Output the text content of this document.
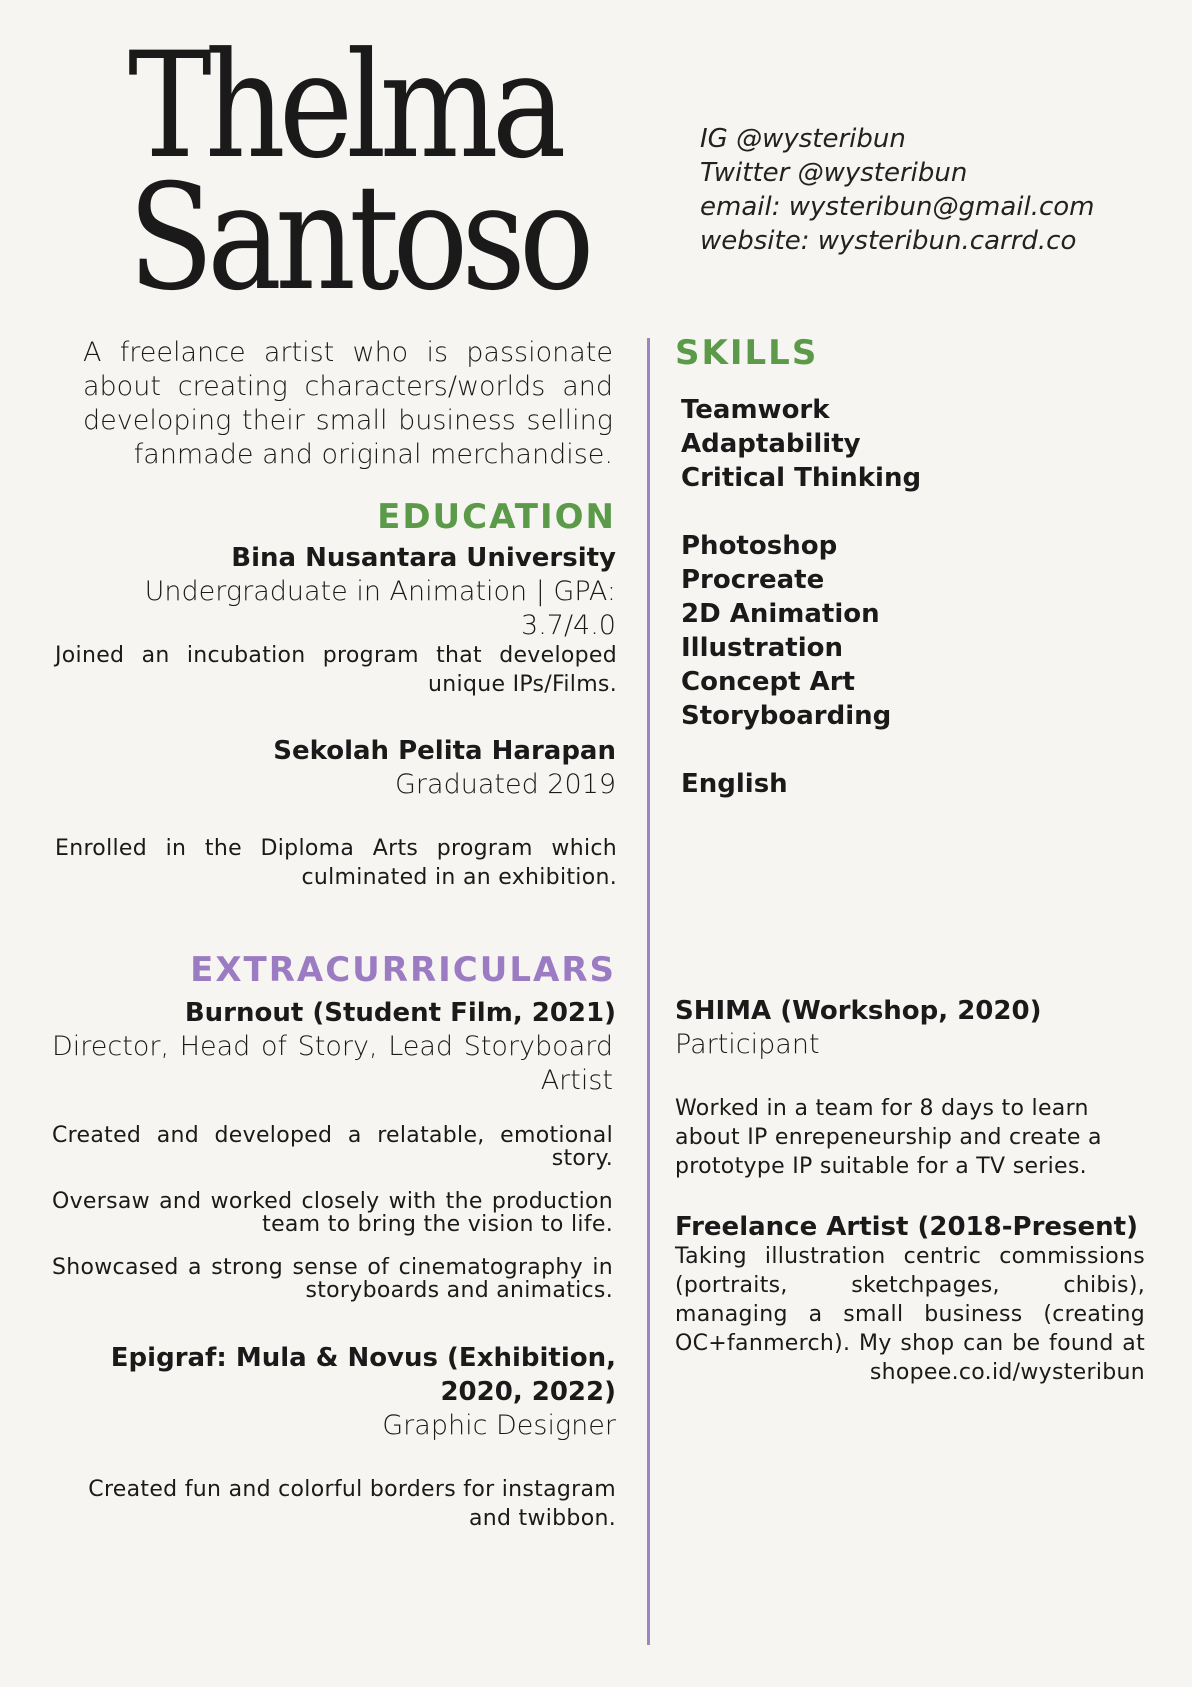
Thelma
Santoso
IG @wysteribun
Twitter @wysteribun
email: wysteribun@gmail.com
website: wysteribun.carrd.co
A freelance artist who is passionate about creating characters/worlds and developing their small business selling fanmade and original merchandise.
EDUCATION
Bina Nusantara University
Undergraduate in Animation | GPA: 3.7/4.0
Joined an incubation program that developed unique IPs/Films.
Sekolah Pelita Harapan
Graduated 2019
Enrolled in the Diploma Arts program which culminated in an exhibition.
EXTRACURRICULARS
Burnout (Student Film, 2021)
Director, Head of Story, Lead Storyboard Artist
Created and developed a relatable, emotional story.
Oversaw and worked closely with the production team to bring the vision to life.
Showcased a strong sense of cinematography in storyboards and animatics.
Epigraf: Mula & Novus (Exhibition, 2020, 2022)
Graphic Designer
Created fun and colorful borders for instagram and twibbon.
SKILLS
Teamwork
Adaptability
Critical Thinking
Photoshop
Procreate
2D Animation
Illustration
Concept Art
Storyboarding
English
SHIMA (Workshop, 2020)
Participant
Worked in a team for 8 days to learn about IP enrepeneurship and create a prototype IP suitable for a TV series.
Freelance Artist (2018-Present)
Taking illustration centric commissions (portraits, sketchpages, chibis), managing a small business (creating OC+fanmerch). My shop can be found at shopee.co.id/wysteribun
